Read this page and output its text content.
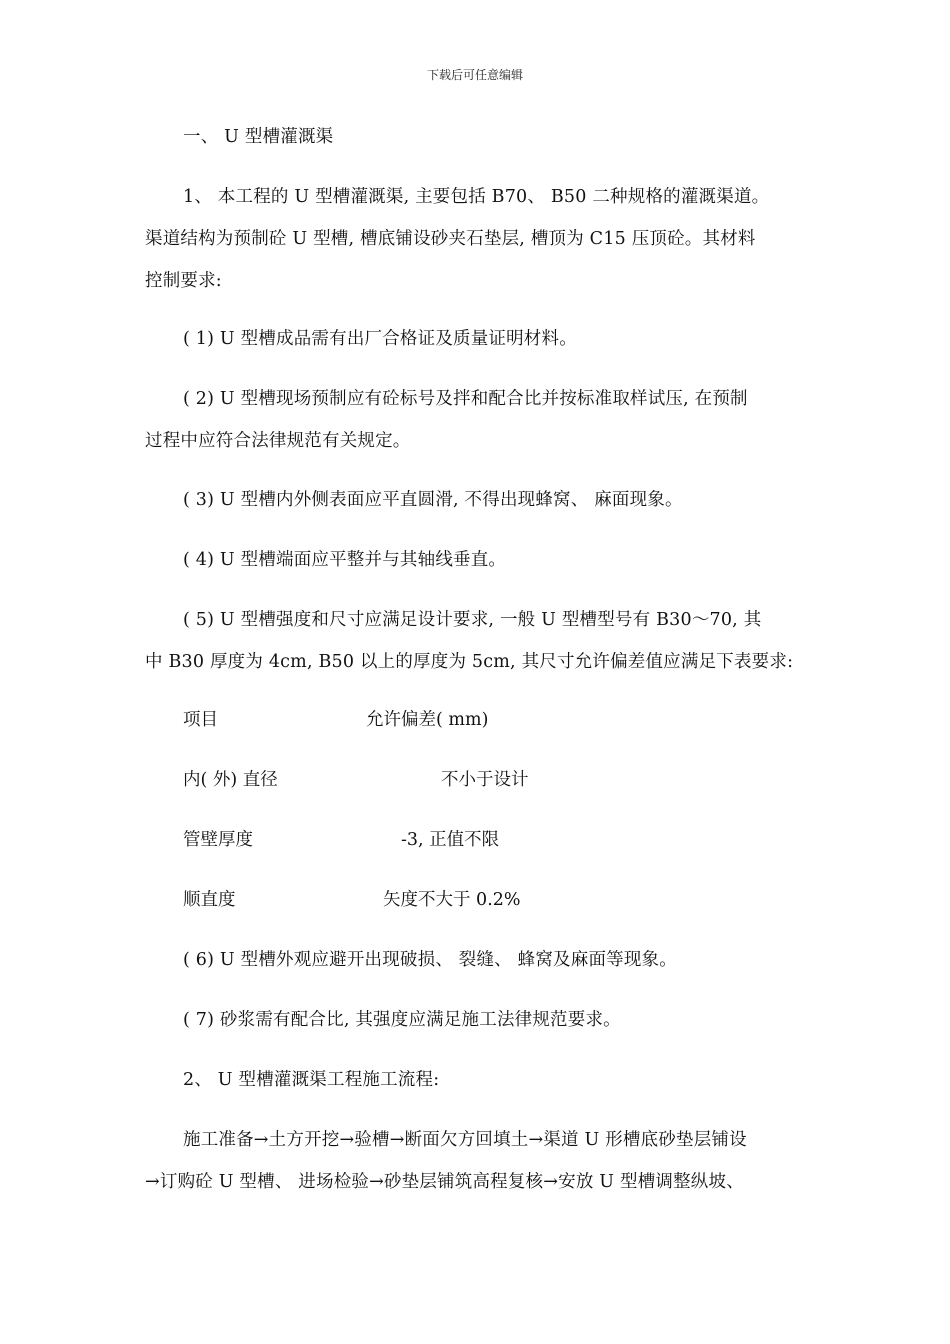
下载后可任意编辑
一、 U 型槽灌溉渠
1、 本工程的 U 型槽灌溉渠, 主要包括 B70、 B50 二种规格的灌溉渠道。
渠道结构为预制砼 U 型槽, 槽底铺设砂夹石垫层, 槽顶为 C15 压顶砼。其材料
控制要求:
( 1) U 型槽成品需有出厂合格证及质量证明材料。
( 2) U 型槽现场预制应有砼标号及拌和配合比并按标准取样试压, 在预制
过程中应符合法律规范有关规定。
( 3) U 型槽内外侧表面应平直圆滑, 不得出现蜂窝、 麻面现象。
( 4) U 型槽端面应平整并与其轴线垂直。
( 5) U 型槽强度和尺寸应满足设计要求, 一般 U 型槽型号有 B30～70, 其
中 B30 厚度为 4cm, B50 以上的厚度为 5cm, 其尺寸允许偏差值应满足下表要求:
项目	允许偏差( mm)
内( 外) 直径	不小于设计
管壁厚度	-3, 正值不限
顺直度	矢度不大于 0.2%
( 6) U 型槽外观应避开出现破损、 裂缝、 蜂窝及麻面等现象。
( 7) 砂浆需有配合比, 其强度应满足施工法律规范要求。
2、 U 型槽灌溉渠工程施工流程:
施工准备→土方开挖→验槽→断面欠方回填土→渠道 U 形槽底砂垫层铺设
→订购砼 U 型槽、 进场检验→砂垫层铺筑高程复核→安放 U 型槽调整纵坡、
